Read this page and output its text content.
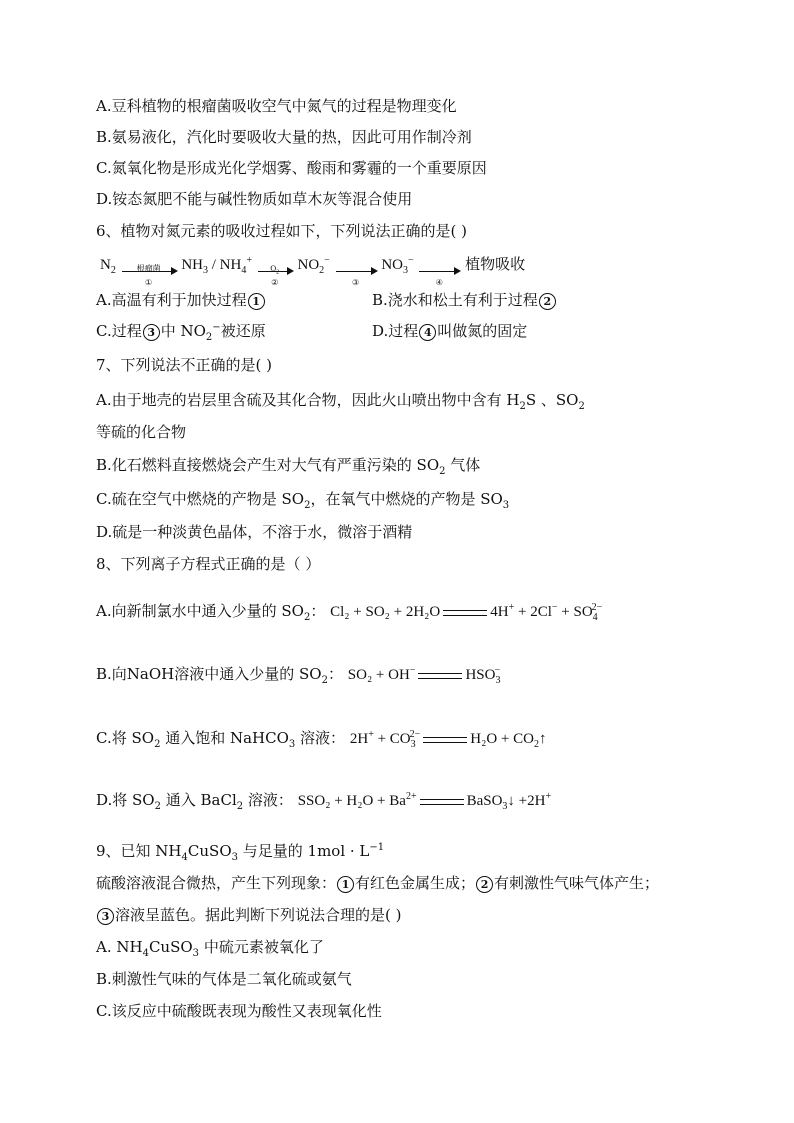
A.豆科植物的根瘤菌吸收空气中氮气的过程是物理变化
B.氨易液化，汽化时要吸收大量的热，因此可用作制冷剂
C.氮氧化物是形成光化学烟雾、酸雨和雾霾的一个重要原因
D.铵态氮肥不能与碱性物质如草木灰等混合使用
6、植物对氮元素的吸收过程如下，下列说法正确的是( )
$N_2$	根瘤菌
①
$NH_3 / NH_4^+$
$O_2$
②
$NO_2^-$
③
$NO_3^-$
④
植物吸收
A.高温有利于加快过程 1	B.浇水和松土有利于过程 2
C.过程 3 中 $NO_2^-$被还原	D.过程 4 叫做氮的固定
7、下列说法不正确的是( )
A.由于地壳的岩层里含硫及其化合物，因此火山喷出物中含有 $H_2S$ 、$SO_2$
等硫的化合物
B.化石燃料直接燃烧会产生对大气有严重污染的 $SO_2$ 气体
C.硫在空气中燃烧的产物是 $SO_2$，在氧气中燃烧的产物是 $SO_3$
D.硫是一种淡黄色晶体，不溶于水，微溶于酒精
8、下列离子方程式正确的是（ ）
A.向新制氯水中通入少量的 $SO_2$： Cl₂ + SO₂ + 2H₂O	$4H^+ + 2Cl^- + SO_4^{2-}$
B.向NaOH溶液中通入少量的 $SO_2$： SO₂ + OH−	$HSO_3^-$
C.将 $SO_2$ 通入饱和 NaHCO$_3$ 溶液： $2H^+ + CO_3^{2-}$	$H_2O + CO_2↑$
D.将 $SO_2$ 通入 BaCl$_2$ 溶液： $SSO_2 + H_2O + Ba^{2+}$	BaSO$_3$↓ +2H+
9、已知 $NH_4CuSO_3$ 与足量的 $1mol \cdot L^{-1}$
硫酸溶液混合微热，产生下列现象： 1 有红色金属生成； 2 有刺激性气味气体产生；
3 溶液呈蓝色。据此判断下列说法合理的是( )
A. $NH_4CuSO_3$ 中硫元素被氧化了
B.刺激性气味的气体是二氧化硫或氨气
C.该反应中硫酸既表现为酸性又表现氧化性
